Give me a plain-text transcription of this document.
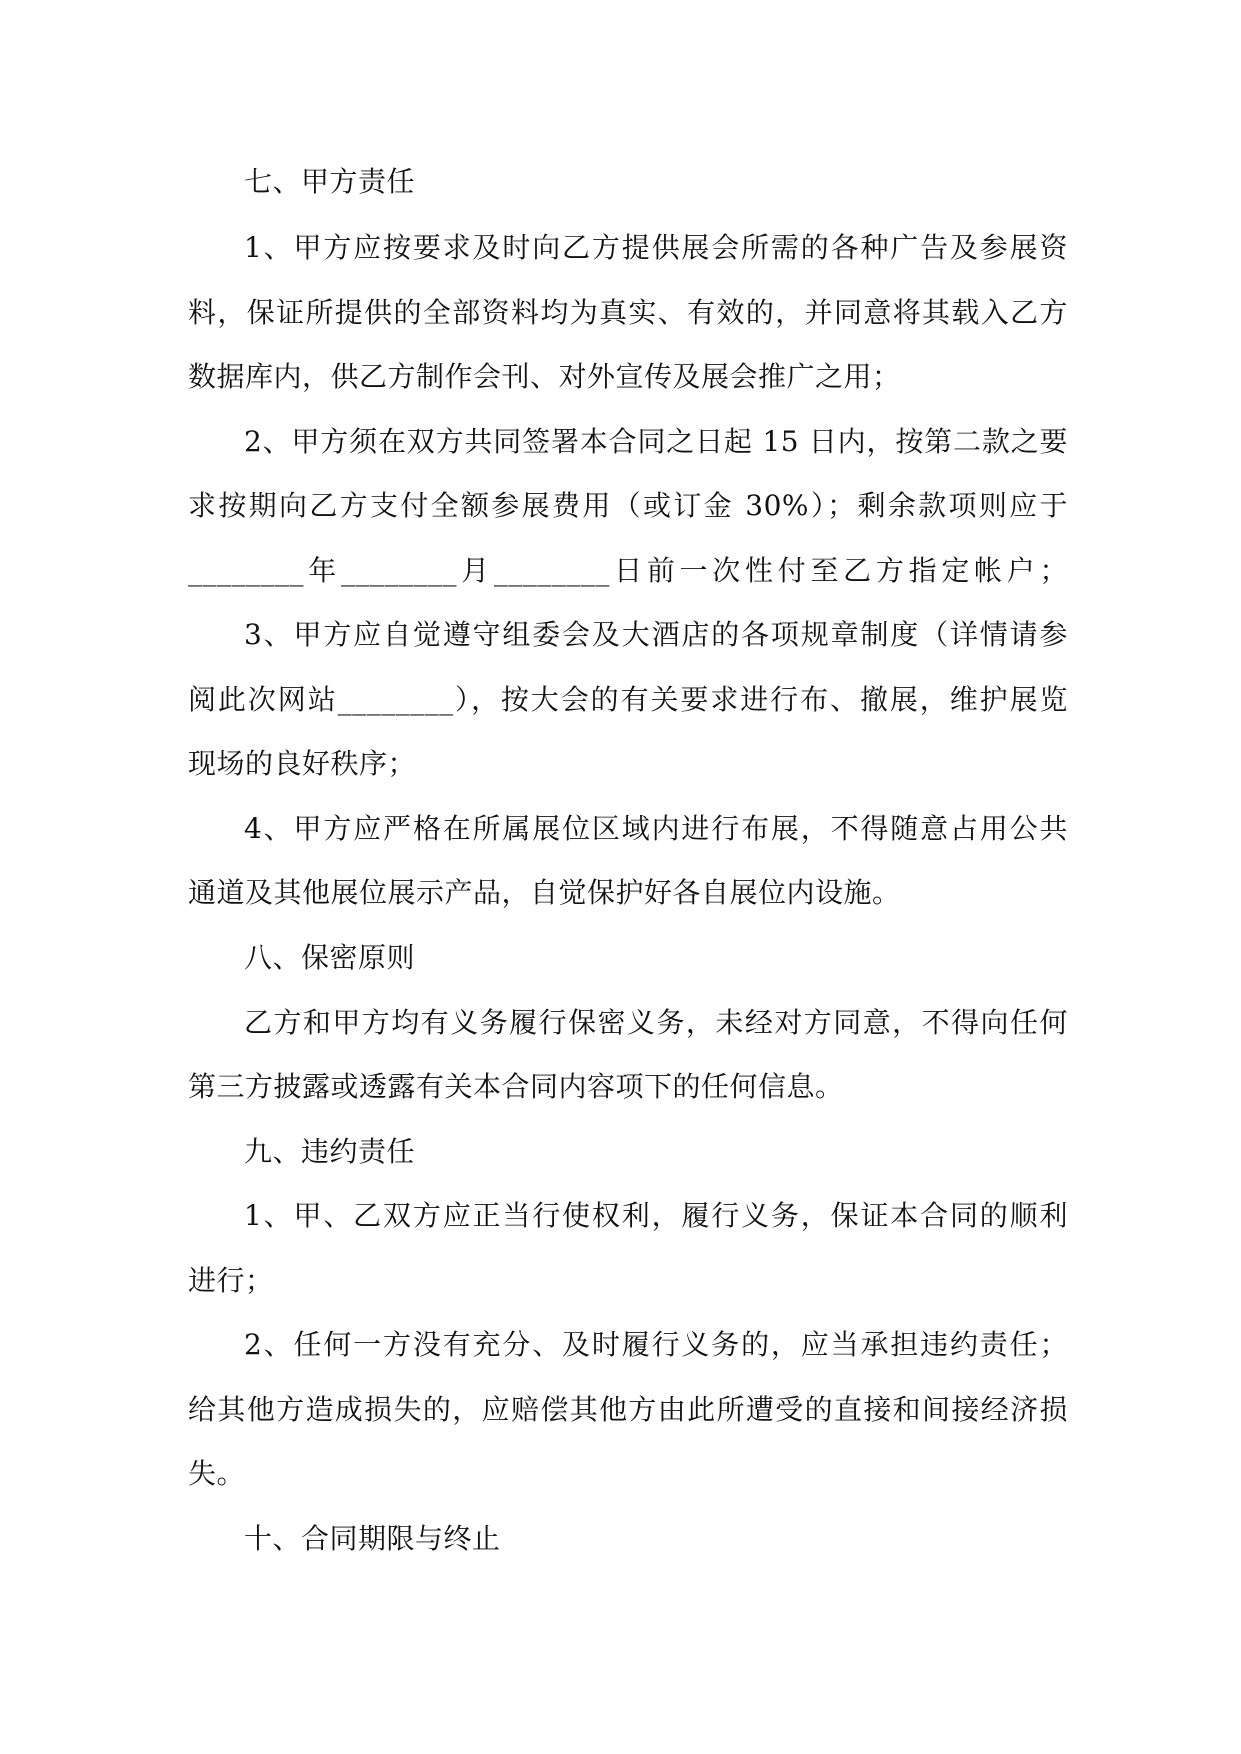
七、甲方责任
1、甲方应按要求及时向乙方提供展会所需的各种广告及参展资
料，保证所提供的全部资料均为真实、有效的，并同意将其载入乙方
数据库内，供乙方制作会刊、对外宣传及展会推广之用；
2、甲方须在双方共同签署本合同之日起 15 日内，按第二款之要
求按期向乙方支付全额参展费用（或订金 30%）；剩余款项则应于
________年________月________日前一次性付至乙方指定帐户；
3、甲方应自觉遵守组委会及大酒店的各项规章制度（详情请参
阅此次网站________），按大会的有关要求进行布、撤展，维护展览
现场的良好秩序；
4、甲方应严格在所属展位区域内进行布展，不得随意占用公共
通道及其他展位展示产品，自觉保护好各自展位内设施。
八、保密原则
乙方和甲方均有义务履行保密义务，未经对方同意，不得向任何
第三方披露或透露有关本合同内容项下的任何信息。
九、违约责任
1、甲、乙双方应正当行使权利，履行义务，保证本合同的顺利
进行；
2、任何一方没有充分、及时履行义务的，应当承担违约责任；
给其他方造成损失的，应赔偿其他方由此所遭受的直接和间接经济损
失。
十、合同期限与终止
